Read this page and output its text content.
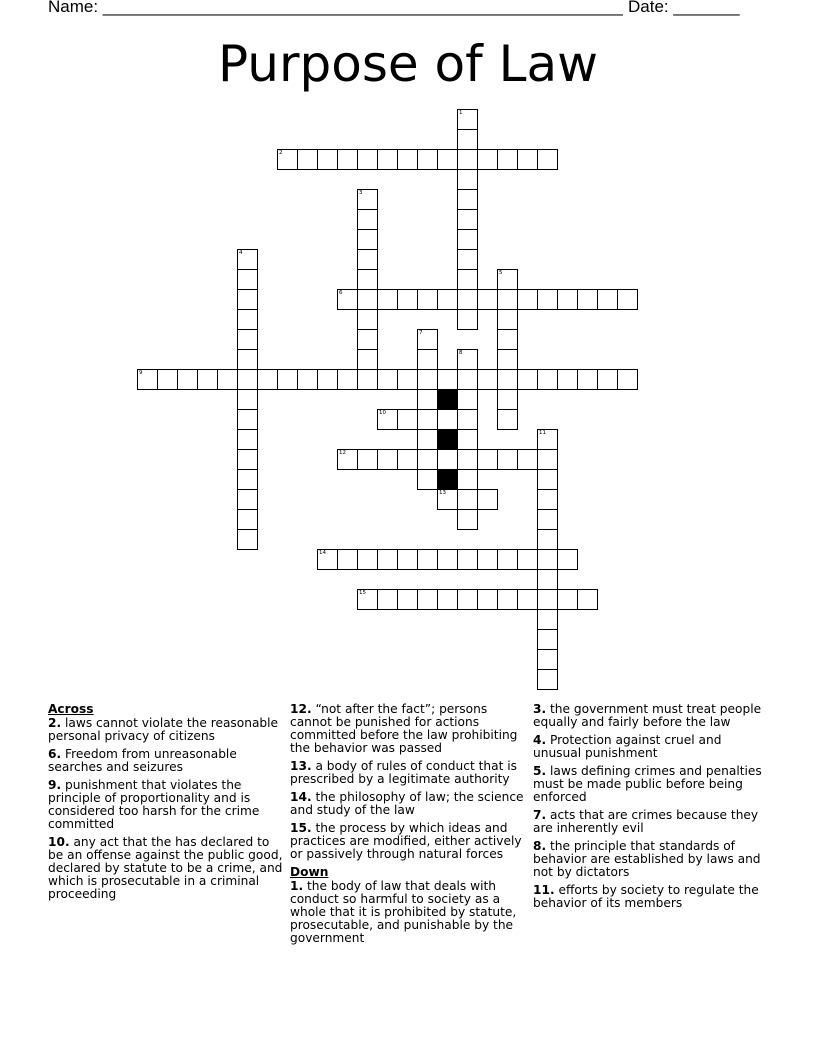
Name: _______________________________________________________ Date: _______
Purpose of Law
2
6
9
10
12
13
14
15
1
3
4
5
7
8
11
Across
2. laws cannot violate the reasonable personal privacy of citizens
6. Freedom from unreasonable searches and seizures
9. punishment that violates the principle of proportionality and is considered too harsh for the crime committed
10. any act that the has declared to be an offense against the public good, declared by statute to be a crime, and which is prosecutable in a criminal proceeding
12. “not after the fact”; persons cannot be punished for actions committed before the law prohibiting the behavior was passed
13. a body of rules of conduct that is prescribed by a legitimate authority
14. the philosophy of law; the science and study of the law
15. the process by which ideas and practices are modified, either actively or passively through natural forces
Down
1. the body of law that deals with conduct so harmful to society as a whole that it is prohibited by statute, prosecutable, and punishable by the government
3. the government must treat people equally and fairly before the law
4. Protection against cruel and unusual punishment
5. laws defining crimes and penalties must be made public before being enforced
7. acts that are crimes because they are inherently evil
8. the principle that standards of behavior are established by laws and not by dictators
11. efforts by society to regulate the behavior of its members
